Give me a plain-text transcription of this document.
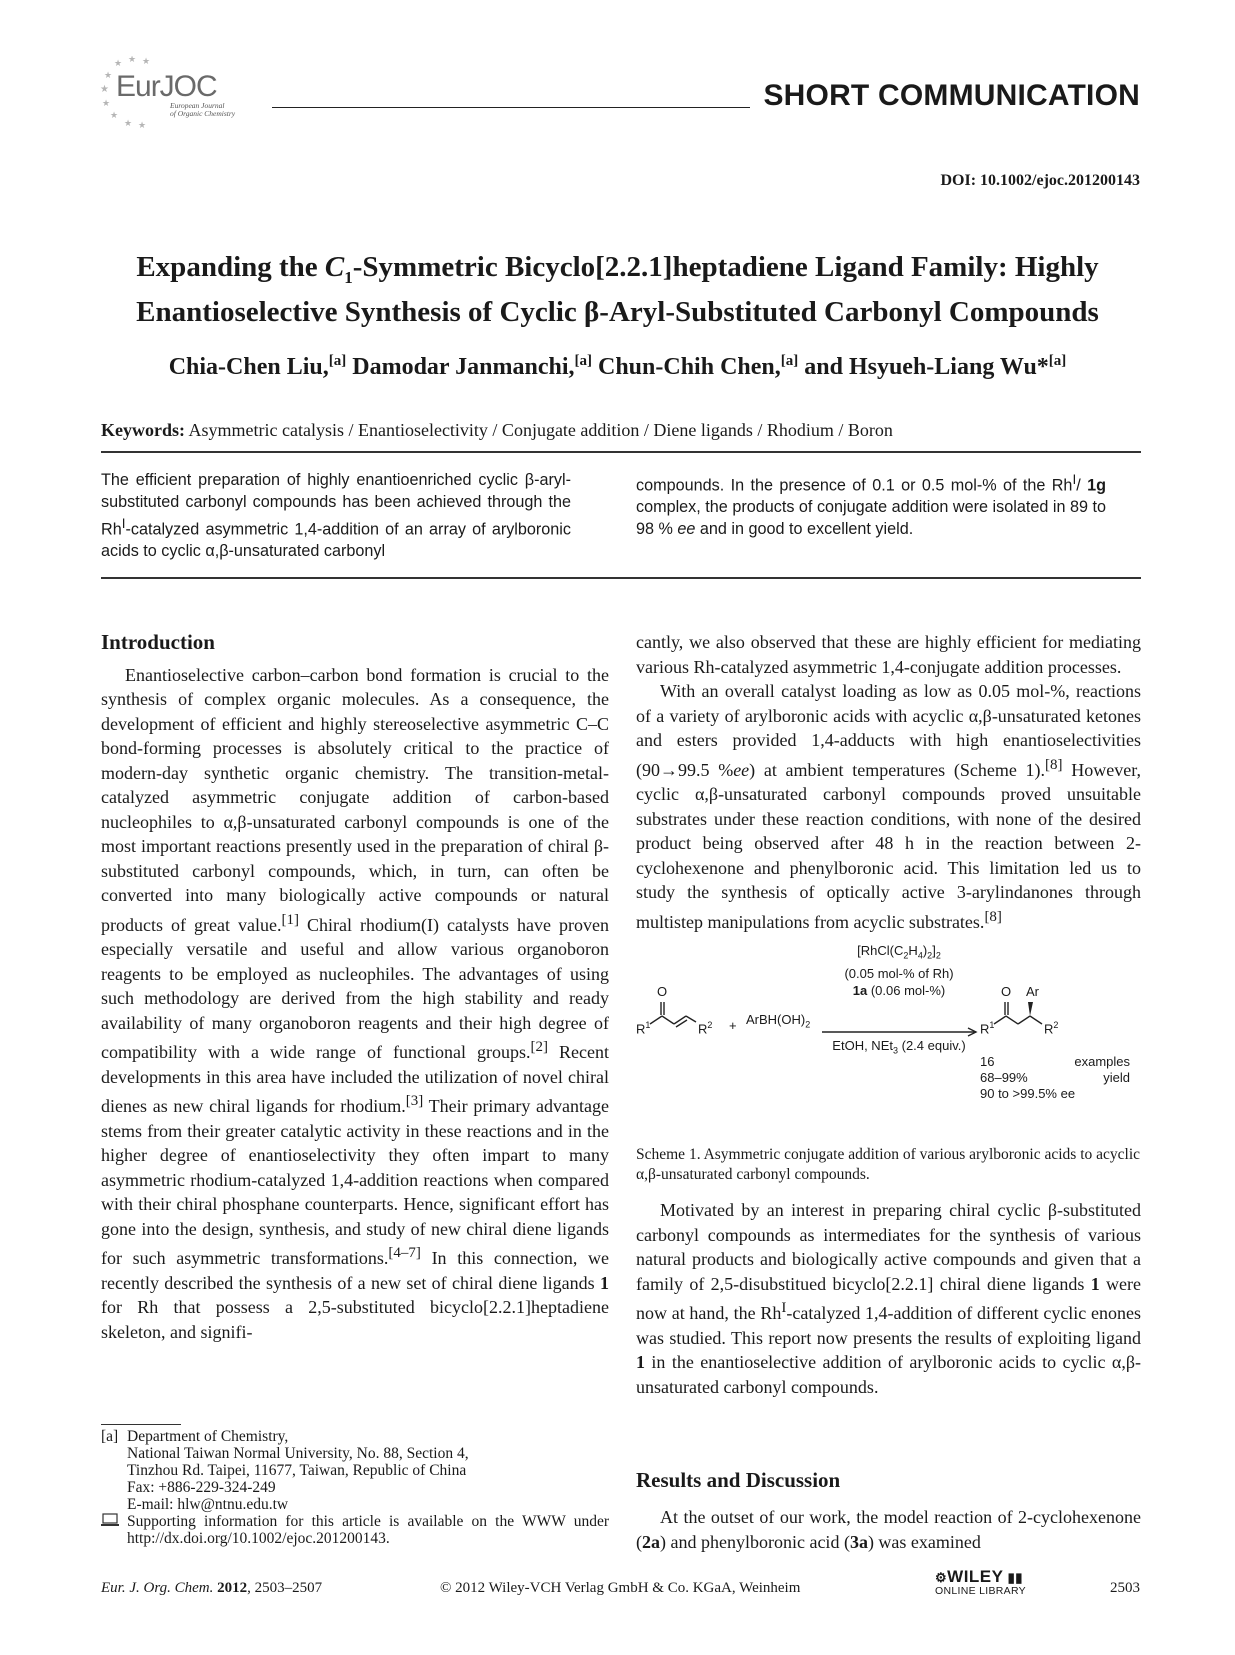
★
★
★ ★ ★
★
★
★ ★
EurJOC
European Journal
of Organic Chemistry
SHORT COMMUNICATION
DOI: 10.1002/ejoc.201200143
Expanding the $C_1$-Symmetric Bicyclo[2.2.1]heptadiene Ligand Family: Highly
Enantioselective Synthesis of Cyclic β-Aryl-Substituted Carbonyl Compounds
Chia-Chen Liu,[a] Damodar Janmanchi,[a] Chun-Chih Chen,[a] and Hsyueh-Liang Wu*[a]
Keywords: Asymmetric catalysis / Enantioselectivity / Conjugate addition / Diene ligands / Rhodium / Boron
The efficient preparation of highly enantioenriched cyclic β-aryl-substituted carbonyl compounds has been achieved through the $Rh^I$-catalyzed asymmetric 1,4-addition of an array of arylboronic acids to cyclic α,β-unsaturated carbonyl
compounds. In the presence of 0.1 or 0.5 mol-% of the $Rh^I/$ 1g complex, the products of conjugate addition were isolated in 89 to 98 % ee and in good to excellent yield.
Introduction

Enantioselective carbon–carbon bond formation is crucial to the synthesis of complex organic molecules. As a consequence, the development of efficient and highly stereoselective asymmetric C–C bond-forming processes is absolutely critical to the practice of modern-day synthetic organic chemistry. The transition-metal-catalyzed asymmetric conjugate addition of carbon-based nucleophiles to α,β-unsaturated carbonyl compounds is one of the most important reactions presently used in the preparation of chiral β-substituted carbonyl compounds, which, in turn, can often be converted into many biologically active compounds or natural products of great value.[1] Chiral rhodium(I) catalysts have proven especially versatile and useful and allow various organoboron reagents to be employed as nucleophiles. The advantages of using such methodology are derived from the high stability and ready availability of many organoboron reagents and their high degree of compatibility with a wide range of functional groups.[2] Recent developments in this area have included the utilization of novel chiral dienes as new chiral ligands for rhodium.[3] Their primary advantage stems from their greater catalytic activity in these reactions and in the higher degree of enantioselectivity they often impart to many asymmetric rhodium-catalyzed 1,4-addition reactions when compared with their chiral phosphane counterparts. Hence, significant effort has gone into the design, synthesis, and study of new chiral diene ligands for such asymmetric transformations.[4–7] In this connection, we recently described the synthesis of a new set of chiral diene ligands 1 for Rh that possess a 2,5-substituted bicyclo[2.2.1]heptadiene skeleton, and signifi-

cantly, we also observed that these are highly efficient for mediating various Rh-catalyzed asymmetric 1,4-conjugate addition processes.

With an overall catalyst loading as low as 0.05 mol-%, reactions of a variety of arylboronic acids with acyclic α,β-unsaturated ketones and esters provided 1,4-adducts with high enantioselectivities (90→99.5 %ee) at ambient temperatures (Scheme 1).[8] However, cyclic α,β-unsaturated carbonyl compounds proved unsuitable substrates under these reaction conditions, with none of the desired product being observed after 48 h in the reaction between 2-cyclohexenone and phenylboronic acid. This limitation led us to study the synthesis of optically active 3-arylindanones through multistep manipulations from acyclic substrates.[8]

O
$R^1$	$R^2$ + $ArBH(OH)_2$
$[RhCl(C_2H_4)_2]_2$
(0.05 mol-% of Rh)
1a (0.06 mol-%)
EtOH, NEt$_3$ (2.4 equiv.)
O Ar
$R^1$	$R^2$
16	examples
68–99%	yield
90 to >99.5% ee
Scheme 1. Asymmetric conjugate addition of various arylboronic acids to acyclic α,β-unsaturated carbonyl compounds.

Motivated by an interest in preparing chiral cyclic β-substituted carbonyl compounds as intermediates for the synthesis of various natural products and biologically active compounds and given that a family of 2,5-disubstitued bicyclo[2.2.1] chiral diene ligands 1 were now at hand, the $Rh^I$-catalyzed 1,4-addition of different cyclic enones was studied. This report now presents the results of exploiting ligand 1 in the enantioselective addition of arylboronic acids to cyclic α,β-unsaturated carbonyl compounds.

Results and Discussion

At the outset of our work, the model reaction of 2-cyclohexenone (2a) and phenylboronic acid (3a) was examined

[a] Department of Chemistry,
National Taiwan Normal University, No. 88, Section 4,
Tinzhou Rd. Taipei, 11677, Taiwan, Republic of China
Fax: +886-229-324-249
E-mail: hlw@ntnu.edu.tw
Supporting information for this article is available on the WWW under http://dx.doi.org/10.1002/ejoc.201200143.
Eur. J. Org. Chem. 2012, 2503–2507	© 2012 Wiley-VCH Verlag GmbH & Co. KGaA, Weinheim
⚙WILEY ▮▮
ONLINE LIBRARY	2503
